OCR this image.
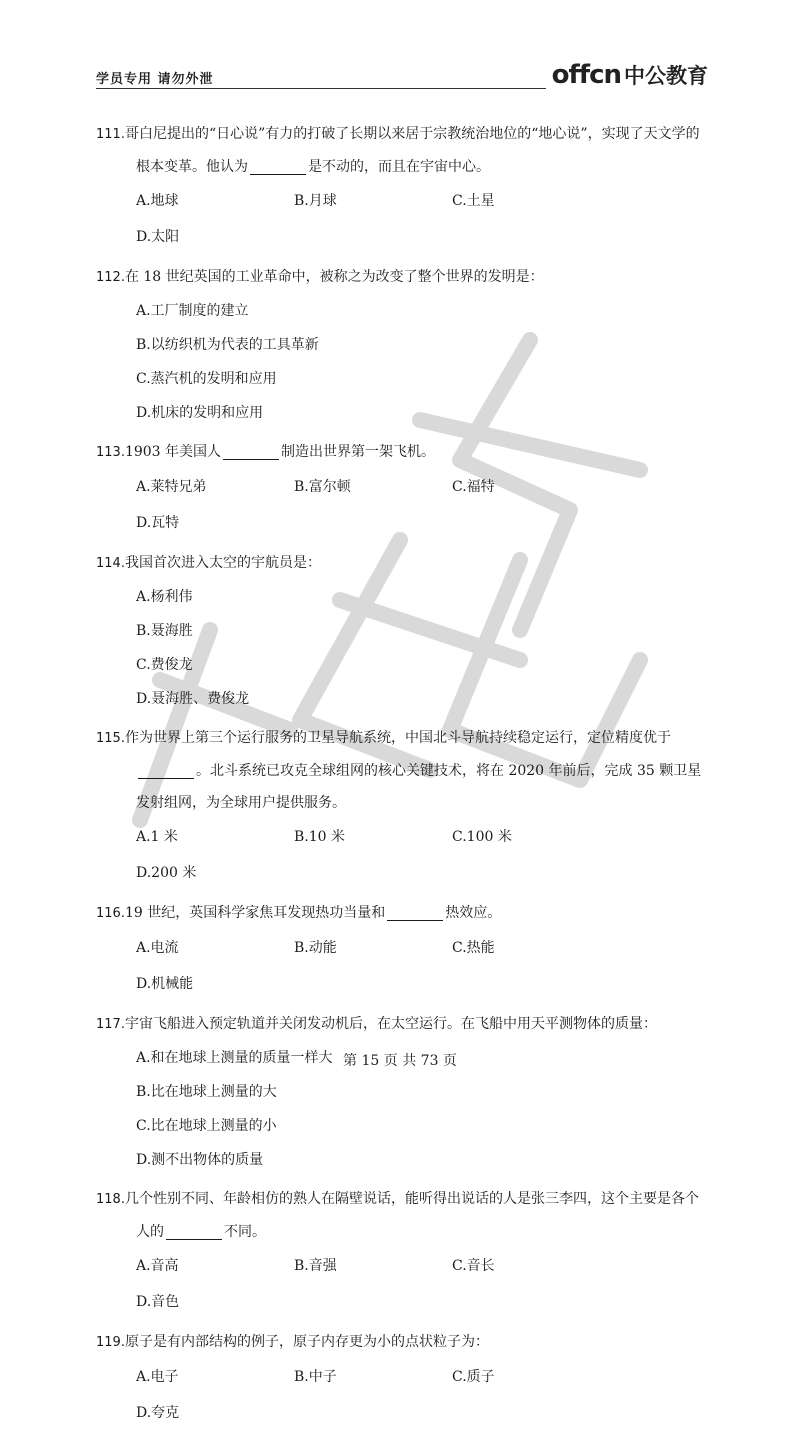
学员专用 请勿外泄	offcn 中公教育
111.哥白尼提出的“日心说”有力的打破了长期以来居于宗教统治地位的“地心说”，实现了天文学的根本变革。他认为	是不动的，而且在宇宙中心。
A.地球	B.月球	C.土星
D.太阳
112.在 18 世纪英国的工业革命中，被称之为改变了整个世界的发明是：
A.工厂制度的建立
B.以纺织机为代表的工具革新
C.蒸汽机的发明和应用
D.机床的发明和应用
113.1903 年美国人	制造出世界第一架飞机。
A.莱特兄弟	B.富尔顿	C.福特
D.瓦特
114.我国首次进入太空的宇航员是：
A.杨利伟
B.聂海胜
C.费俊龙
D.聂海胜、费俊龙
115.作为世界上第三个运行服务的卫星导航系统，中国北斗导航持续稳定运行，定位精度优于。北斗系统已攻克全球组网的核心关键技术，将在 2020 年前后，完成 35 颗卫星发射组网，为全球用户提供服务。
A.1 米	B.10 米	C.100 米
D.200 米
116.19 世纪，英国科学家焦耳发现热功当量和	热效应。
A.电流	B.动能	C.热能
D.机械能
117.宇宙飞船进入预定轨道并关闭发动机后，在太空运行。在飞船中用天平测物体的质量：
A.和在地球上测量的质量一样大
B.比在地球上测量的大
C.比在地球上测量的小
D.测不出物体的质量
118.几个性别不同、年龄相仿的熟人在隔壁说话，能听得出说话的人是张三李四，这个主要是各个人的	不同。
A.音高	B.音强	C.音长
D.音色
119.原子是有内部结构的例子，原子内存更为小的点状粒子为：
A.电子	B.中子	C.质子
D.夸克
第 15 页 共 73 页
